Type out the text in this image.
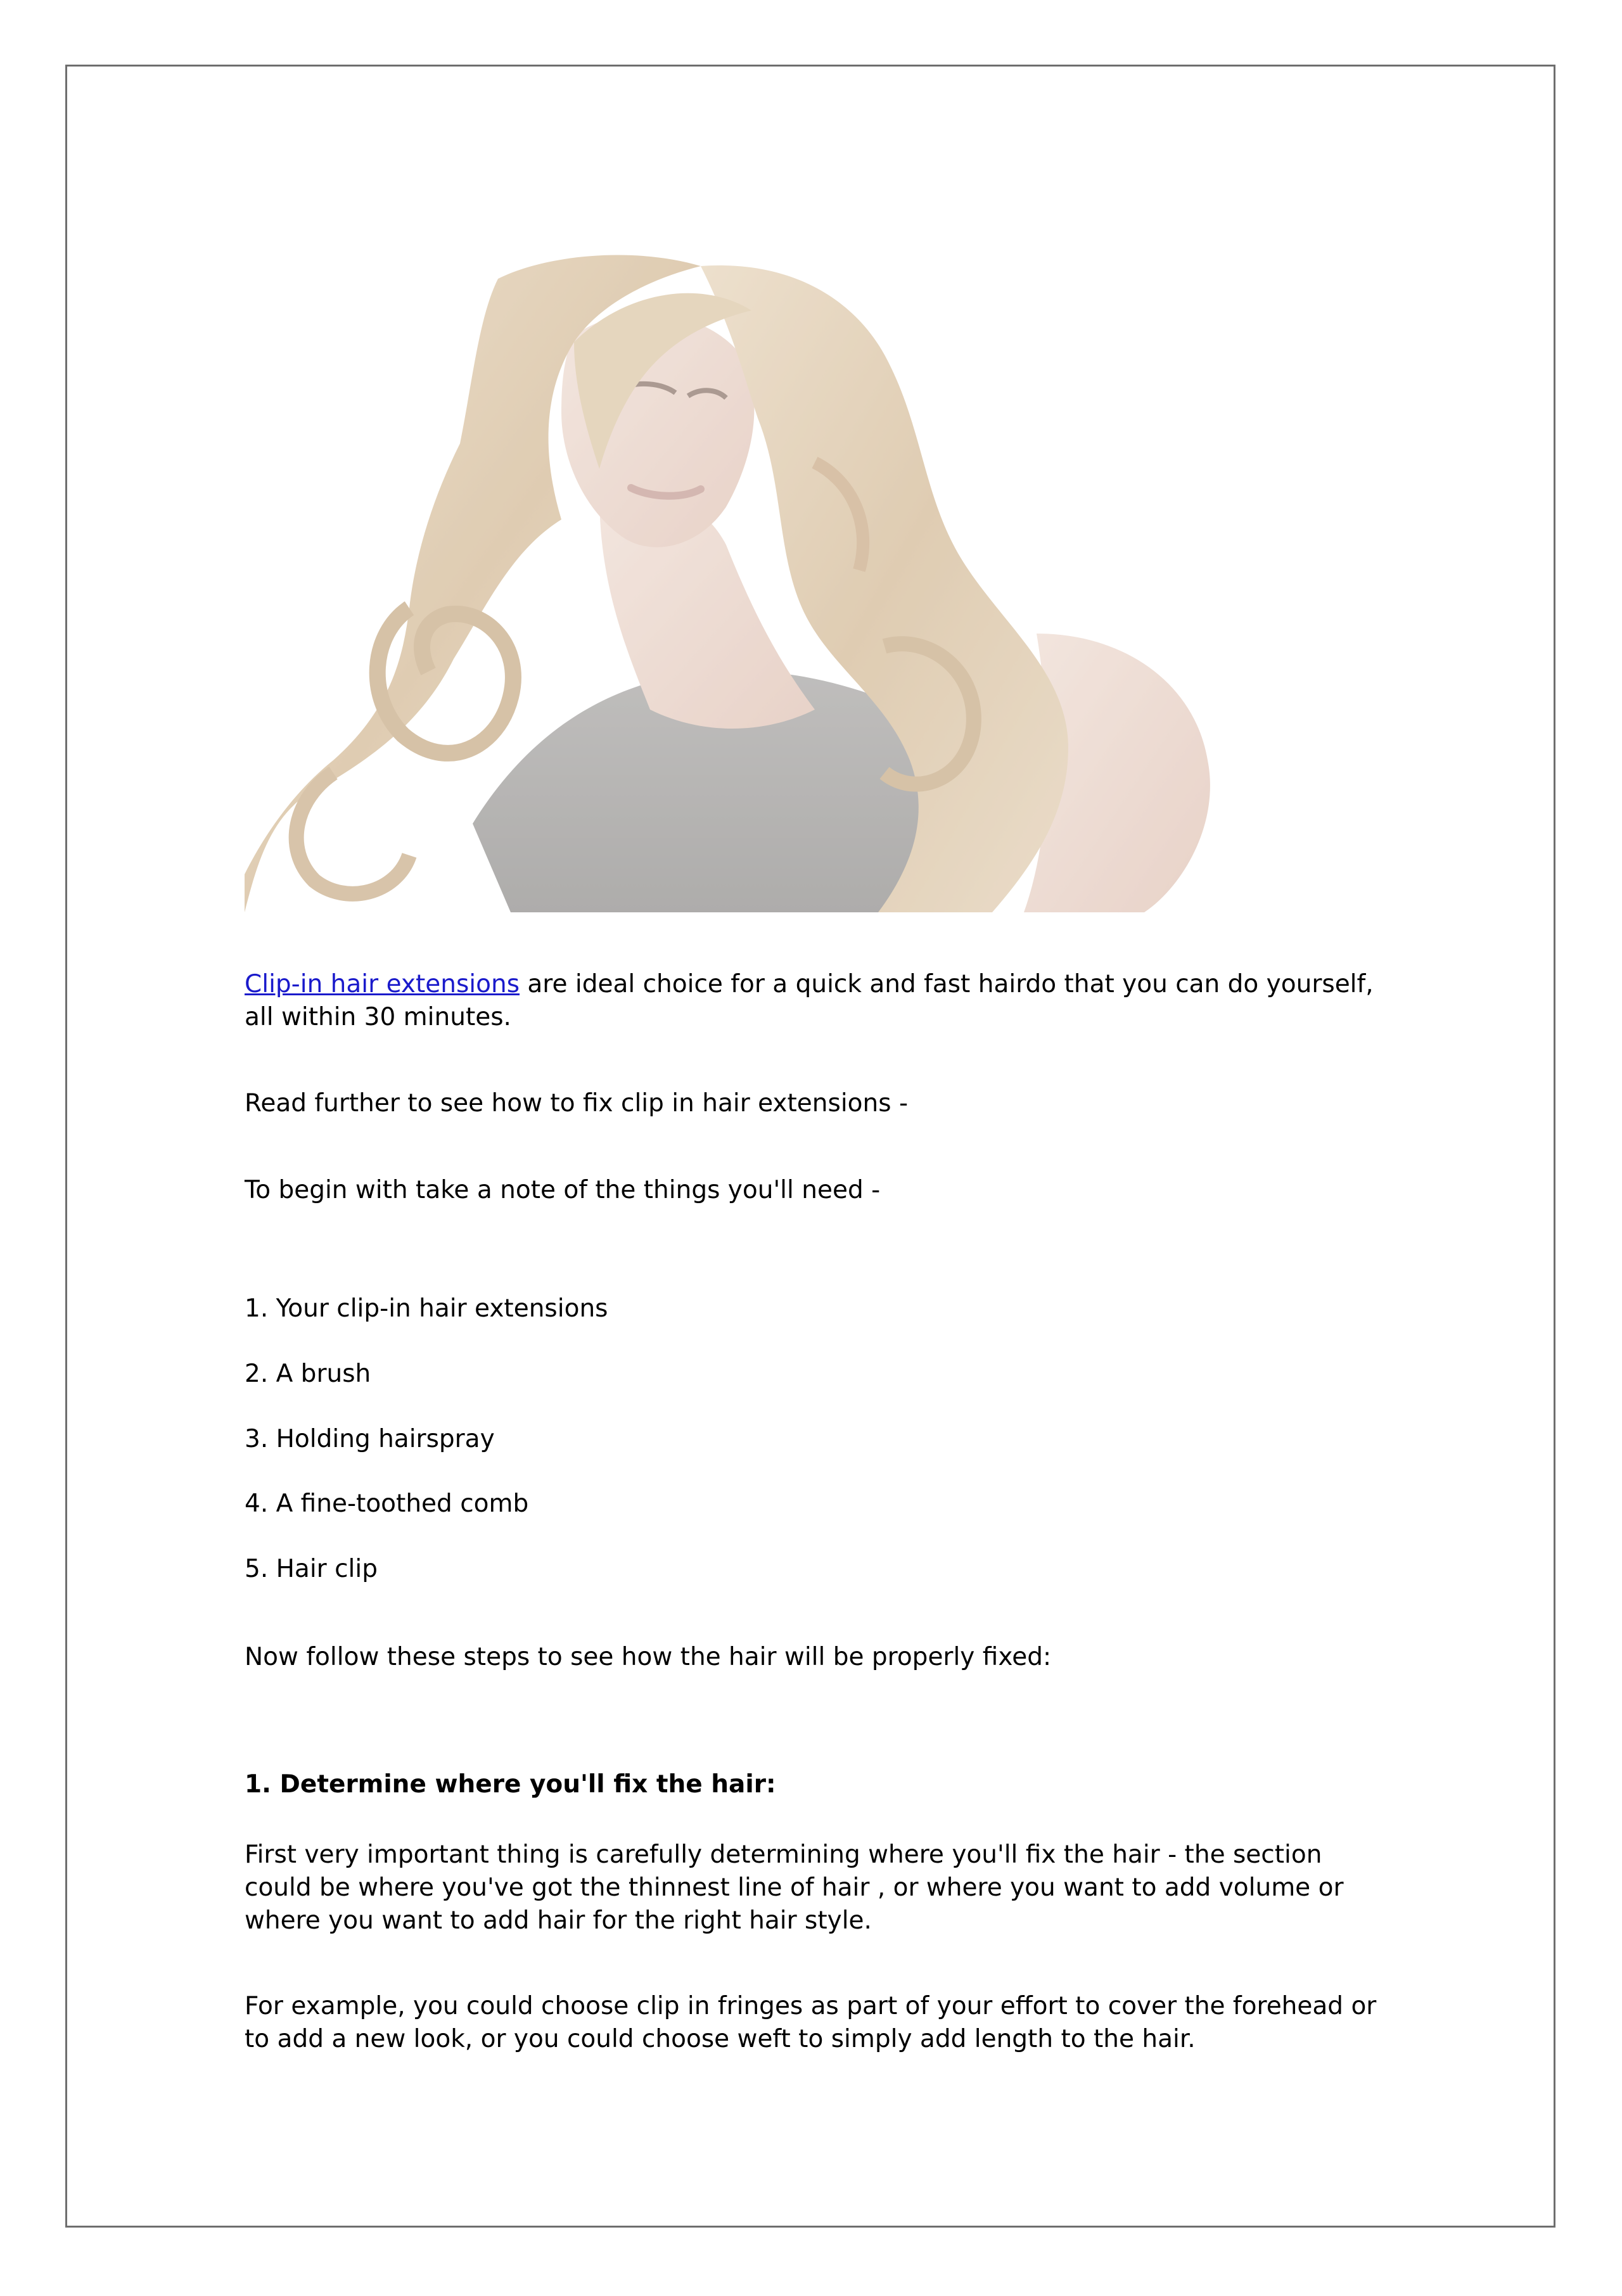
Clip-in hair extensions are ideal choice for a quick and fast hairdo that you can do yourself, all within 30 minutes.

Read further to see how to fix clip in hair extensions -

To begin with take a note of the things you'll need -

1. Your clip-in hair extensions

2. A brush

3. Holding hairspray

4. A fine-toothed comb

5. Hair clip

Now follow these steps to see how the hair will be properly fixed:

1. Determine where you'll fix the hair:

First very important thing is carefully determining where you'll fix the hair - the section could be where you've got the thinnest line of hair , or where you want to add volume or where you want to add hair for the right hair style.

For example, you could choose clip in fringes as part of your effort to cover the forehead or to add a new look, or you could choose weft to simply add length to the hair.
